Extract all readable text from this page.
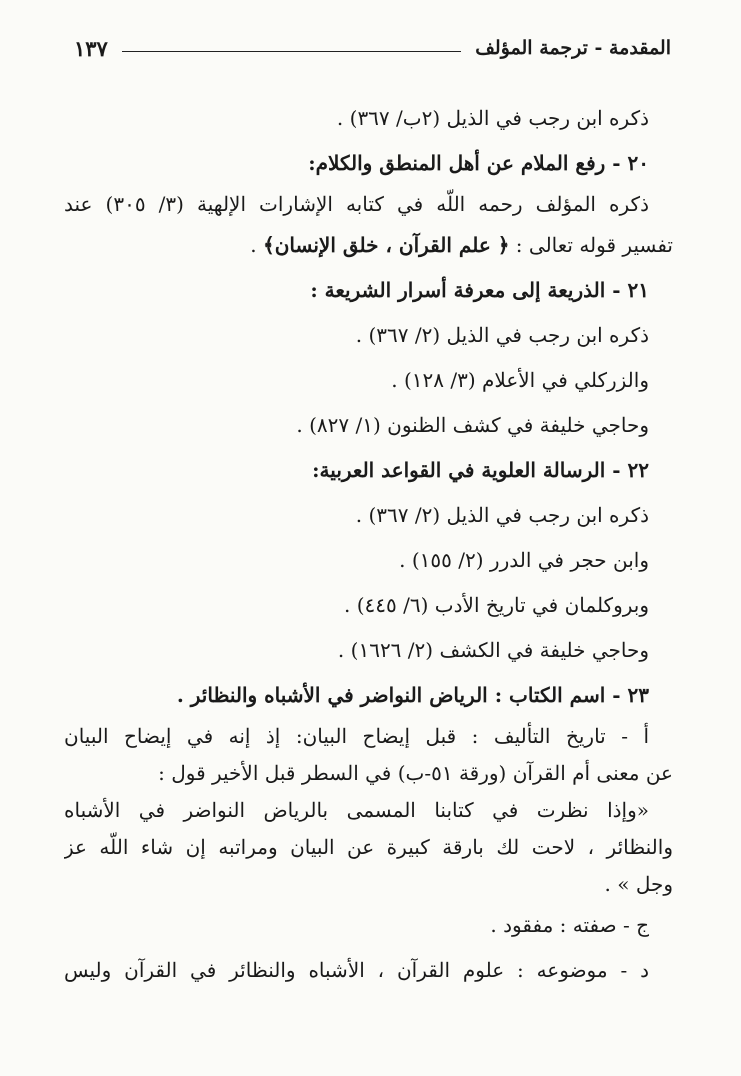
المقدمة - ترجمة المؤلف
١٣٧
ذكره ابن رجب في الذيل (٢ب/ ٣٦٧) .
٢٠ - رفع الملام عن أهل المنطق والكلام:
ذكره المؤلف رحمه اللّه في كتابه الإشارات الإلهية (٣/ ٣٠٥) عند
تفسير قوله تعالى : ﴿ علم القرآن ، خلق الإنسان﴾ .
٢١ - الذريعة إلى معرفة أسرار الشريعة :
ذكره ابن رجب في الذيل (٢/ ٣٦٧) .
والزركلي في الأعلام (٣/ ١٢٨) .
وحاجي خليفة في كشف الظنون (١/ ٨٢٧) .
٢٢ - الرسالة العلوية في القواعد العربية:
ذكره ابن رجب في الذيل (٢/ ٣٦٧) .
وابن حجر في الدرر (٢/ ١٥٥) .
وبروكلمان في تاريخ الأدب (٦/ ٤٤٥) .
وحاجي خليفة في الكشف (٢/ ١٦٢٦) .
٢٣ - اسم الكتاب : الرياض النواضر في الأشباه والنظائر .
أ - تاريخ التأليف : قبل إيضاح البيان: إذ إنه في إيضاح البيان
عن معنى أم القرآن (ورقة ٥١-ب) في السطر قبل الأخير قول :
«وإذا نظرت في كتابنا المسمى بالرياض النواضر في الأشباه
والنظائر ، لاحت لك بارقة كبيرة عن البيان ومراتبه إن شاء اللّه عز
وجل » .
ج - صفته : مفقود .
د - موضوعه : علوم القرآن ، الأشباه والنظائر في القرآن وليس
